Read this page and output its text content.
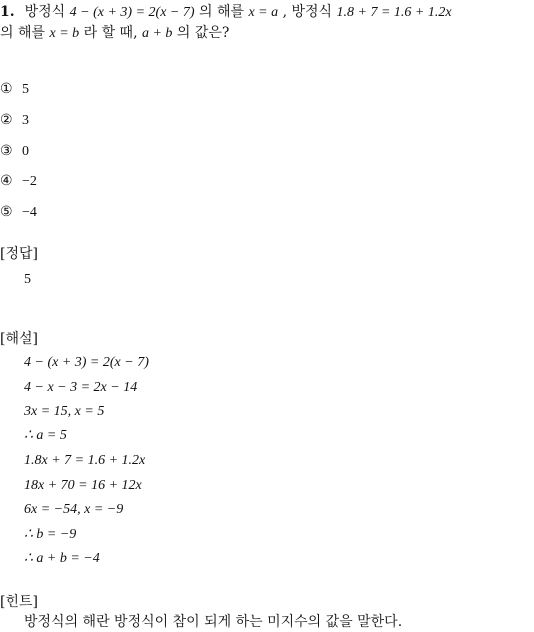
1. 방정식 4 − (x + 3) = 2(x − 7) 의 해를 x = a , 방정식 1.8 + 7 = 1.6 + 1.2x
의 해를 x = b 라 할 때, a + b 의 값은?
① 5
② 3
③ 0
④ −2
⑤ −4
[정답]
5
[해설]
4 − (x + 3) = 2(x − 7)
4 − x − 3 = 2x − 14
3x = 15, x = 5
∴ a = 5
1.8x + 7 = 1.6 + 1.2x
18x + 70 = 16 + 12x
6x = −54, x = −9
∴ b = −9
∴ a + b = −4
[힌트]
방정식의 해란 방정식이 참이 되게 하는 미지수의 값을 말한다.
